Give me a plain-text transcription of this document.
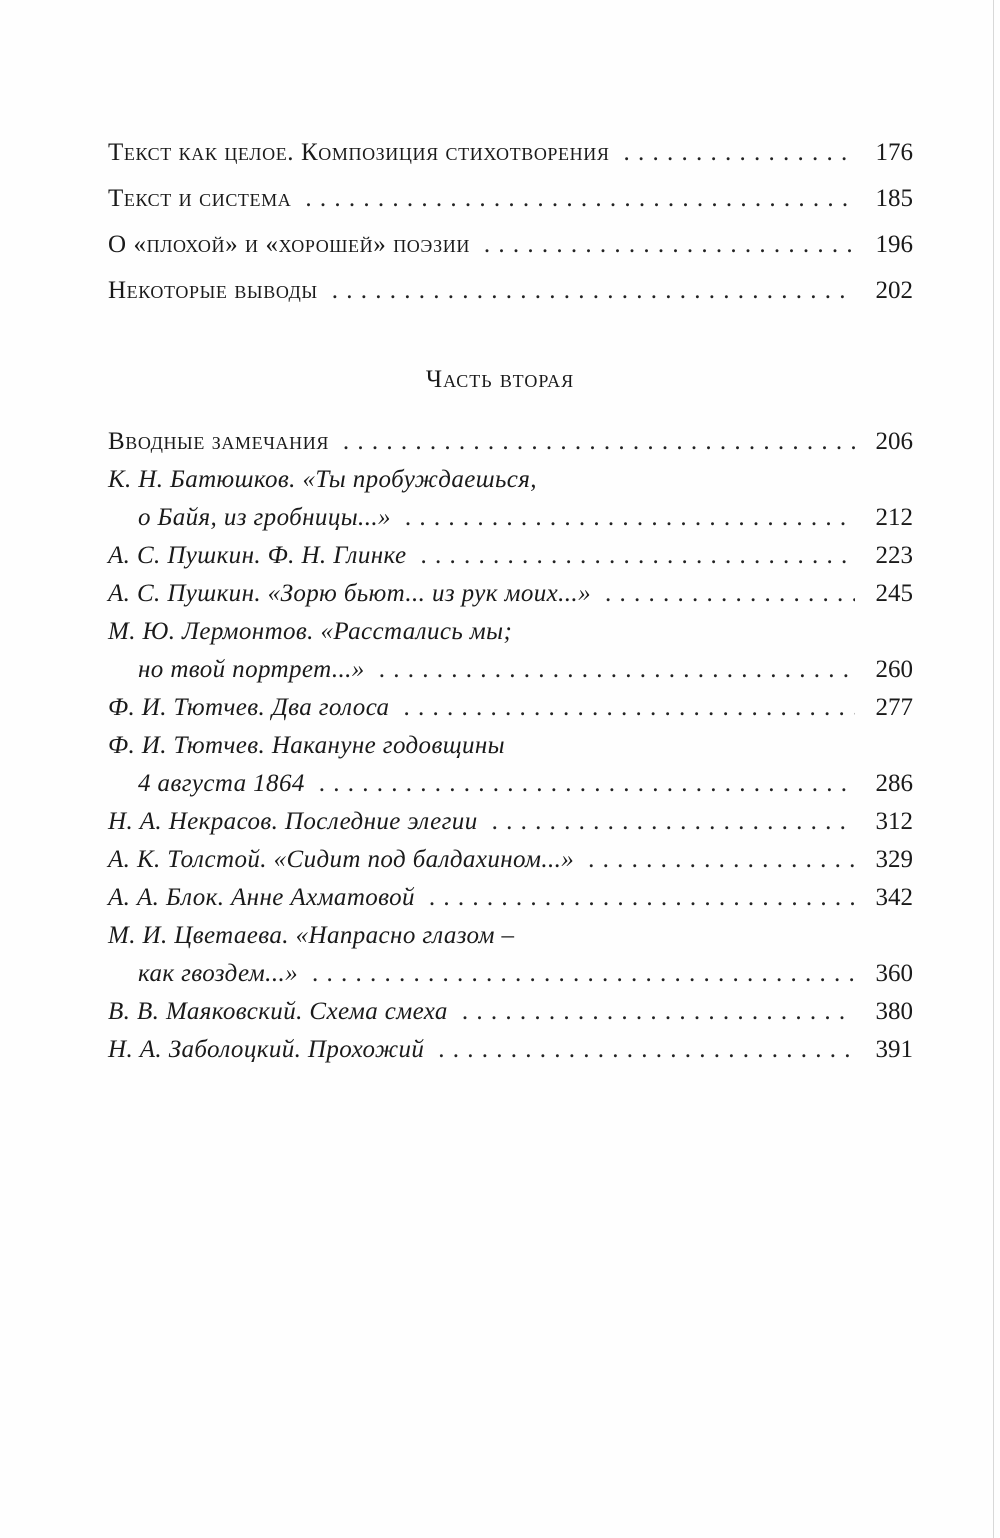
Текст как целое. Композиция стихотворения . . .	176
Текст и система . . .	185
О «плохой» и «хорошей» поэзии . . .	196
Некоторые выводы . . .	202
Часть вторая
Вводные замечания . . .	206
К. Н. Батюшков. «Ты пробуждаешься,
о Байя, из гробницы...» . . .	212
А. С. Пушкин. Ф. Н. Глинке . . .	223
А. С. Пушкин. «Зорю бьют... из рук моих...» . . .	245
М. Ю. Лермонтов. «Расстались мы;
но твой портрет...» . . .	260
Ф. И. Тютчев. Два голоса . . .	277
Ф. И. Тютчев. Накануне годовщины
4 августа 1864 . . .	286
Н. А. Некрасов. Последние элегии . . .	312
А. К. Толстой. «Сидит под балдахином...» . . .	329
А. А. Блок. Анне Ахматовой . . .	342
М. И. Цветаева. «Напрасно глазом –
как гвоздем...» . . .	360
В. В. Маяковский. Схема смеха . . .	380
Н. А. Заболоцкий. Прохожий . . .	391
